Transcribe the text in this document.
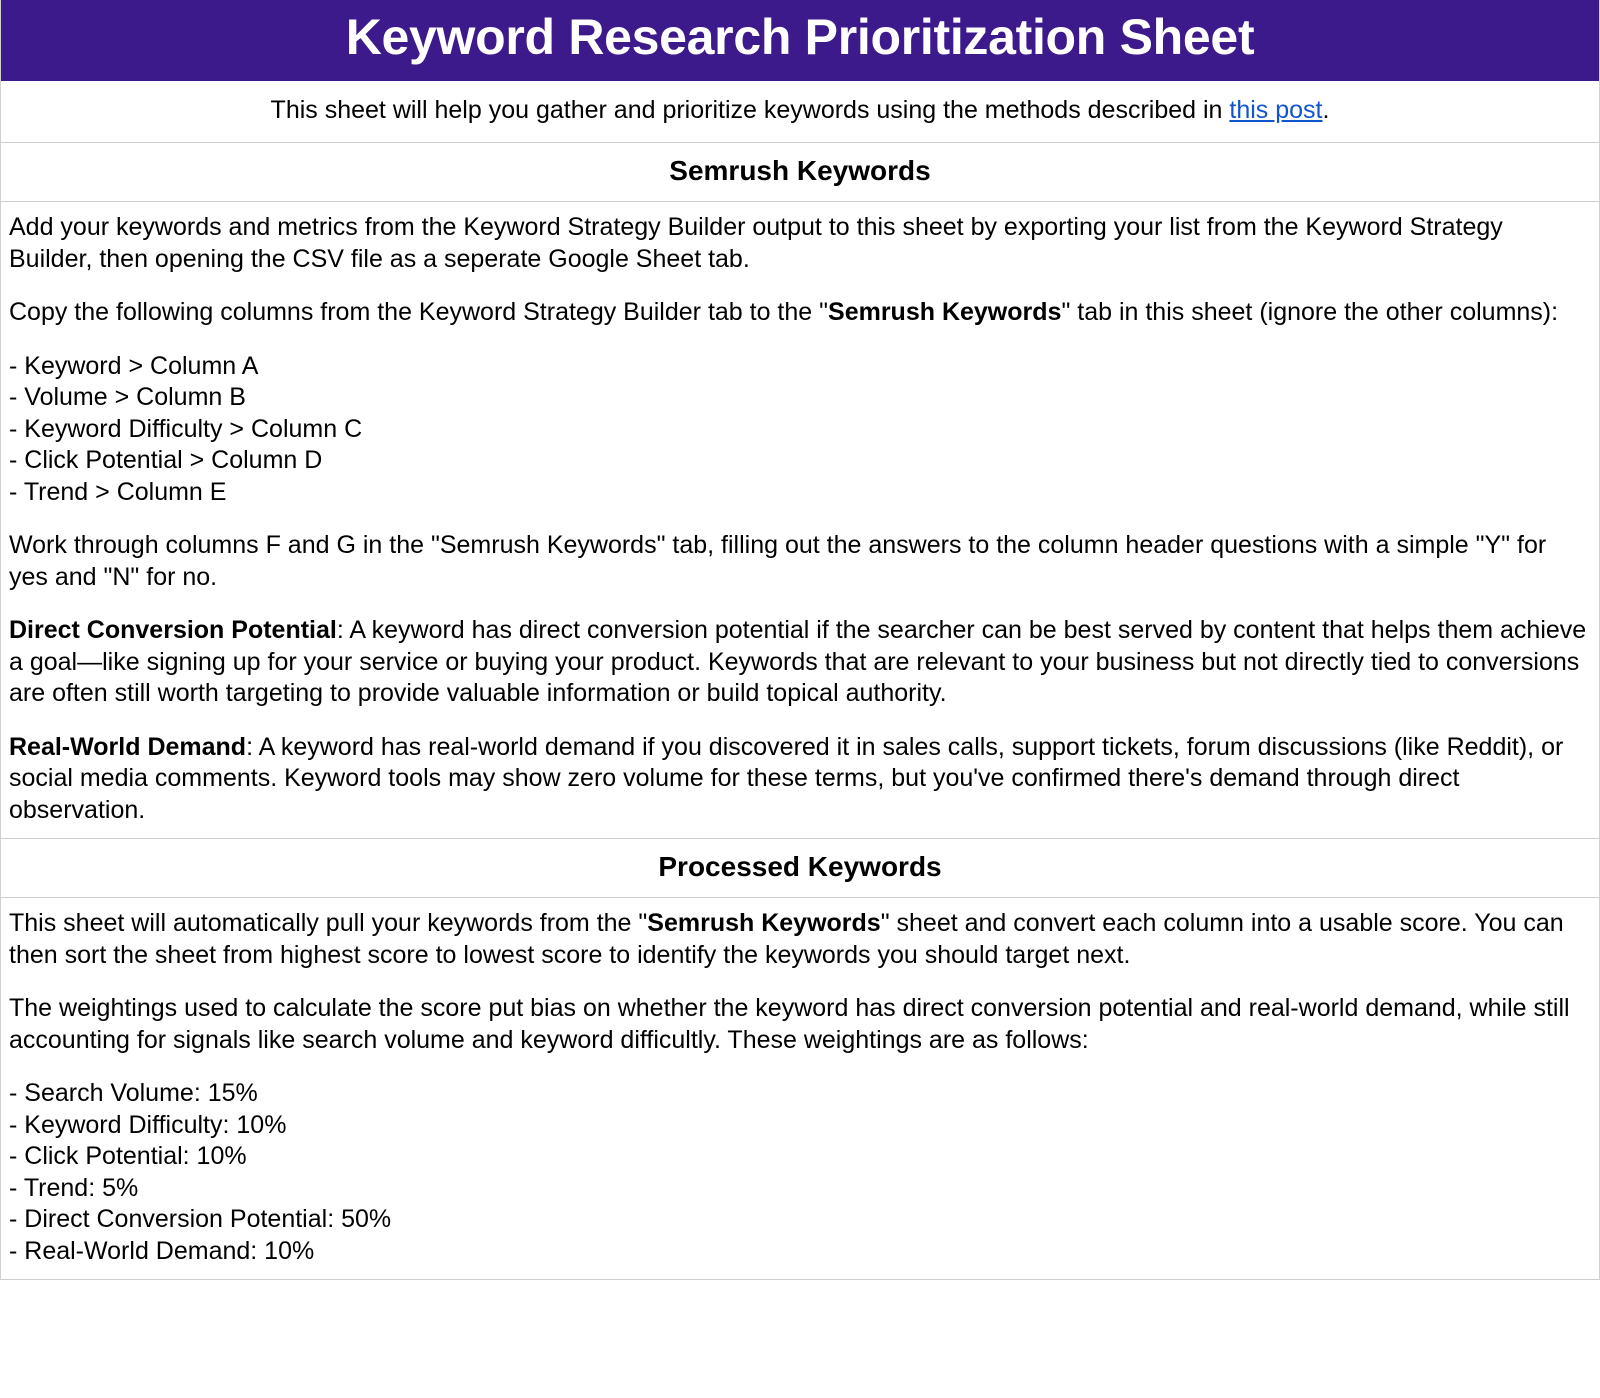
Keyword Research Prioritization Sheet
This sheet will help you gather and prioritize keywords using the methods described in this post.
Semrush Keywords

Add your keywords and metrics from the Keyword Strategy Builder output to this sheet by exporting your list from the Keyword Strategy Builder, then opening the CSV file as a seperate Google Sheet tab.

Copy the following columns from the Keyword Strategy Builder tab to the "Semrush Keywords" tab in this sheet (ignore the other columns):

- Keyword > Column A
- Volume > Column B
- Keyword Difficulty > Column C
- Click Potential > Column D
- Trend > Column E

Work through columns F and G in the "Semrush Keywords" tab, filling out the answers to the column header questions with a simple "Y" for yes and "N" for no.

Direct Conversion Potential: A keyword has direct conversion potential if the searcher can be best served by content that helps them achieve a goal—like signing up for your service or buying your product. Keywords that are relevant to your business but not directly tied to conversions are often still worth targeting to provide valuable information or build topical authority.

Real-World Demand: A keyword has real-world demand if you discovered it in sales calls, support tickets, forum discussions (like Reddit), or social media comments. Keyword tools may show zero volume for these terms, but you've confirmed there's demand through direct observation.

Processed Keywords

This sheet will automatically pull your keywords from the "Semrush Keywords" sheet and convert each column into a usable score. You can then sort the sheet from highest score to lowest score to identify the keywords you should target next.

The weightings used to calculate the score put bias on whether the keyword has direct conversion potential and real-world demand, while still accounting for signals like search volume and keyword difficultly. These weightings are as follows:

- Search Volume: 15%
- Keyword Difficulty: 10%
- Click Potential: 10%
- Trend: 5%
- Direct Conversion Potential: 50%
- Real-World Demand: 10%
